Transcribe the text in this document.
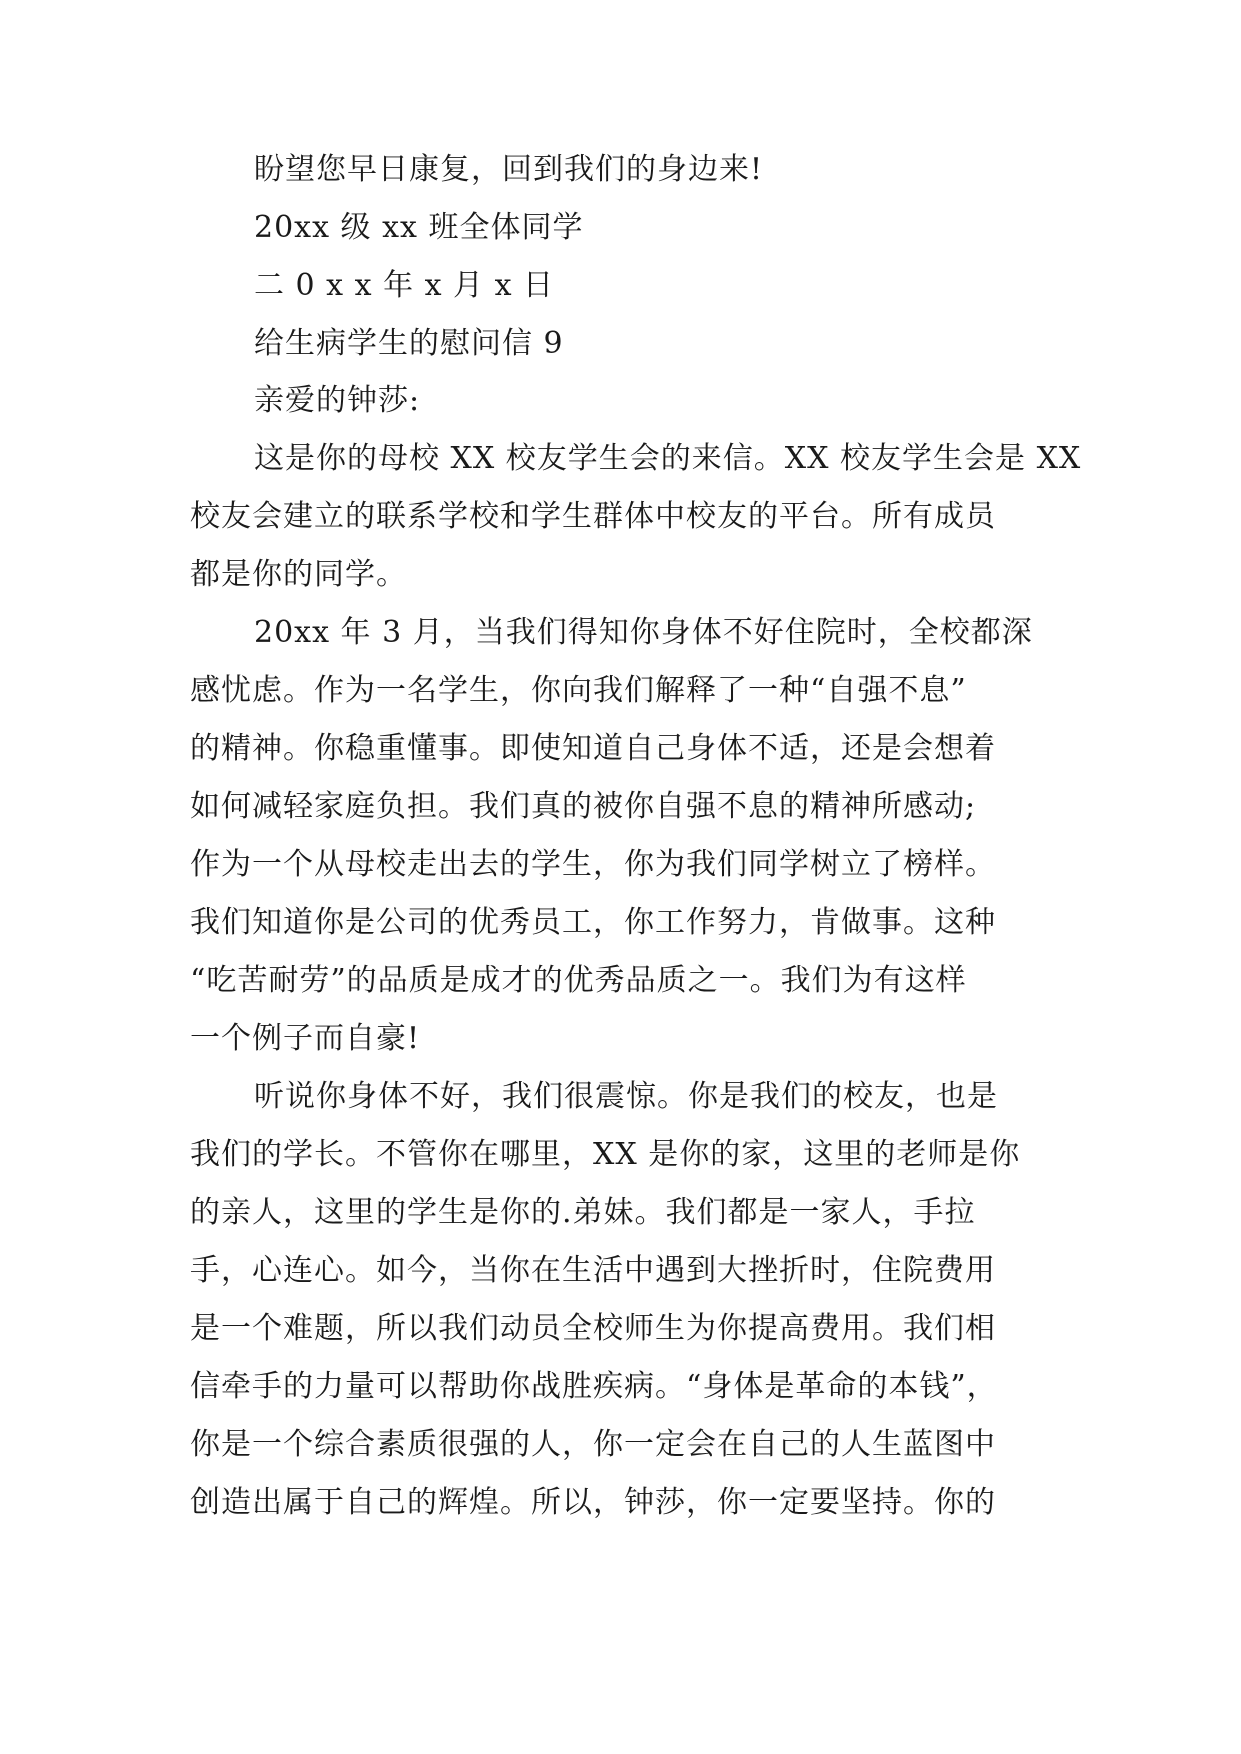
盼望您早日康复，回到我们的身边来!
20xx 级 xx 班全体同学
二 0 x x 年 x 月 x 日
给生病学生的慰问信 9
亲爱的钟莎:
这是你的母校 XX 校友学生会的来信。XX 校友学生会是 XX
校友会建立的联系学校和学生群体中校友的平台。所有成员
都是你的同学。
20xx 年 3 月，当我们得知你身体不好住院时，全校都深
感忧虑。作为一名学生，你向我们解释了一种“自强不息”
的精神。你稳重懂事。即使知道自己身体不适，还是会想着
如何减轻家庭负担。我们真的被你自强不息的精神所感动;
作为一个从母校走出去的学生，你为我们同学树立了榜样。
我们知道你是公司的优秀员工，你工作努力，肯做事。这种
“吃苦耐劳”的品质是成才的优秀品质之一。我们为有这样
一个例子而自豪!
听说你身体不好，我们很震惊。你是我们的校友，也是
我们的学长。不管你在哪里，XX 是你的家，这里的老师是你
的亲人，这里的学生是你的.弟妹。我们都是一家人，手拉
手，心连心。如今，当你在生活中遇到大挫折时，住院费用
是一个难题，所以我们动员全校师生为你提高费用。我们相
信牵手的力量可以帮助你战胜疾病。“身体是革命的本钱”，
你是一个综合素质很强的人，你一定会在自己的人生蓝图中
创造出属于自己的辉煌。所以，钟莎，你一定要坚持。你的
